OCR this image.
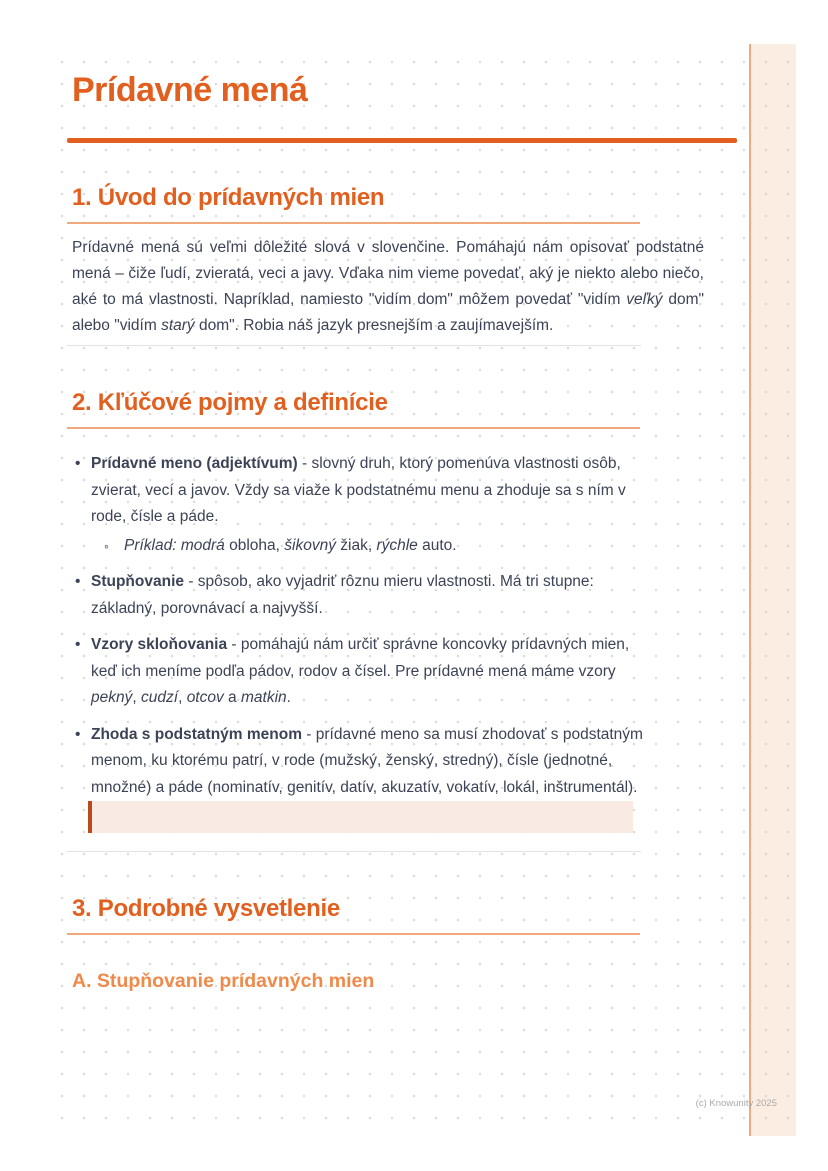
Prídavné mená
1. Úvod do prídavných mien

Prídavné mená sú veľmi dôležité slová v slovenčine. Pomáhajú nám opisovať podstatné mená – čiže ľudí, zvieratá, veci a javy. Vďaka nim vieme povedať, aký je niekto alebo niečo, aké to má vlastnosti. Napríklad, namiesto "vidím dom" môžem povedať "vidím veľký dom" alebo "vidím starý dom". Robia náš jazyk presnejším a zaujímavejším.

2. Kľúčové pojmy a definície
• Prídavné meno (adjektívum) - slovný druh, ktorý pomenúva vlastnosti osôb, zvierat, vecí a javov. Vždy sa viaže k podstatnému menu a zhoduje sa s ním v rode, čísle a páde.
◦ Príklad: modrá obloha, šikovný žiak, rýchle auto.
• Stupňovanie - spôsob, ako vyjadriť rôznu mieru vlastnosti. Má tri stupne: základný, porovnávací a najvyšší.
• Vzory skloňovania - pomáhajú nám určiť správne koncovky prídavných mien, keď ich meníme podľa pádov, rodov a čísel. Pre prídavné mená máme vzory pekný, cudzí, otcov a matkin.
• Zhoda s podstatným menom - prídavné meno sa musí zhodovať s podstatným menom, ku ktorému patrí, v rode (mužský, ženský, stredný), čísle (jednotné, množné) a páde (nominatív, genitív, datív, akuzatív, vokatív, lokál, inštrumentál).

3. Podrobné vysvetlenie
A. Stupňovanie prídavných mien
(c) Knowunity 2025
